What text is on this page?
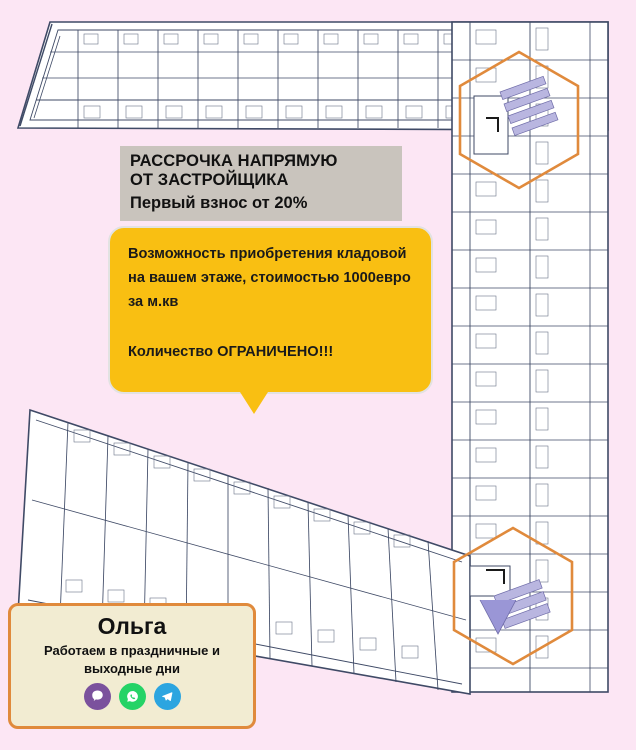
РАССРОЧКА НАПРЯМУЮ
ОТ ЗАСТРОЙЩИКА
Первый взнос от 20%

Возможность приобретения кладовой на вашем этаже, стоимостью 1000евро за м.кв

Количество ОГРАНИЧЕНО!!!

Ольга
Работаем в праздничные и выходные дни
